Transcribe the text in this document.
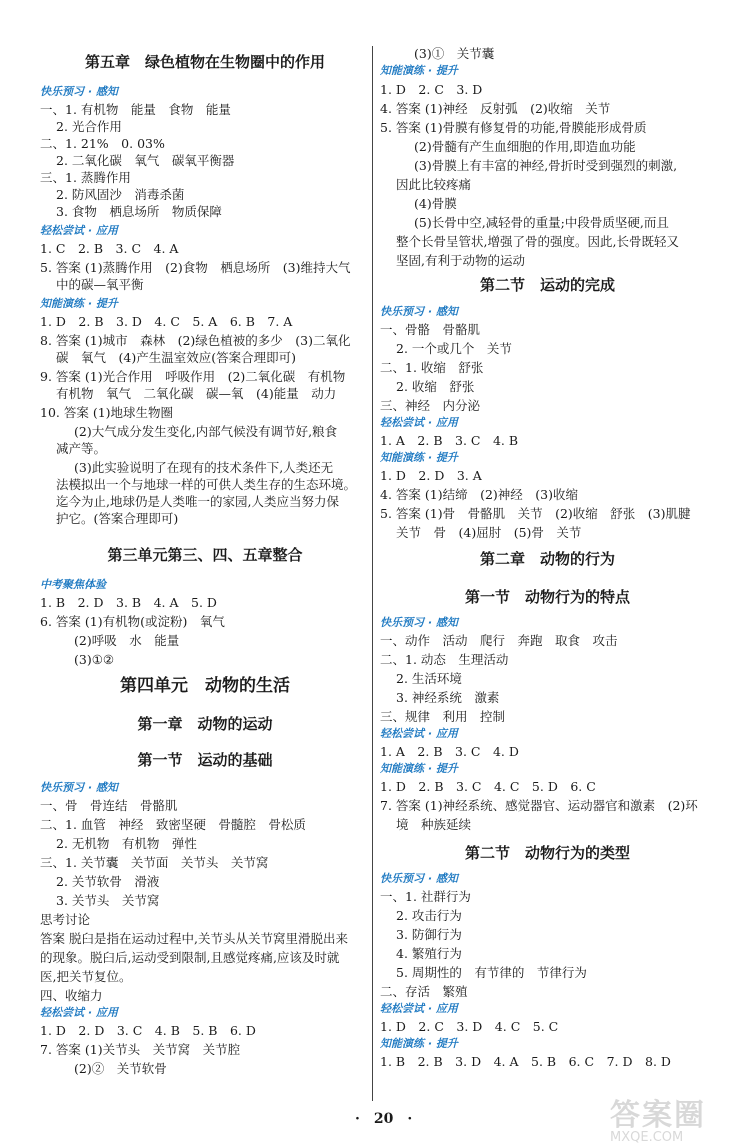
第五章　绿色植物在生物圈中的作用
快乐预习 · 感知
一、1. 有机物　能量　食物　能量
2. 光合作用
二、1. 21%　0. 03%
2. 二氧化碳　氧气　碳氧平衡器
三、1. 蒸腾作用
2. 防风固沙　消毒杀菌
3. 食物　栖息场所　物质保障
轻松尝试 · 应用
1. C　2. B　3. C　4. A
5. 答案 (1)蒸腾作用　(2)食物　栖息场所　(3)维持大气
中的碳—氧平衡
知能演练 · 提升
1. D　2. B　3. D　4. C　5. A　6. B　7. A
8. 答案 (1)城市　森林　(2)绿色植被的多少　(3)二氧化
碳　氧气　(4)产生温室效应(答案合理即可)
9. 答案 (1)光合作用　呼吸作用　(2)二氧化碳　有机物
有机物　氧气　二氧化碳　碳—氧　(4)能量　动力
10. 答案 (1)地球生物圈
(2)大气成分发生变化,内部气候没有调节好,粮食
减产等。
(3)此实验说明了在现有的技术条件下,人类还无
法模拟出一个与地球一样的可供人类生存的生态环境。
迄今为止,地球仍是人类唯一的家园,人类应当努力保
护它。(答案合理即可)
第三单元第三、四、五章整合
中考聚焦体验
1. B　2. D　3. B　4. A　5. D
6. 答案 (1)有机物(或淀粉)　氧气
(2)呼吸　水　能量
(3)①②
第四单元　动物的生活
第一章　动物的运动
第一节　运动的基础
快乐预习 · 感知
一、骨　骨连结　骨骼肌
二、1. 血管　神经　致密坚硬　骨髓腔　骨松质
2. 无机物　有机物　弹性
三、1. 关节囊　关节面　关节头　关节窝
2. 关节软骨　滑液
3. 关节头　关节窝
思考讨论
答案 脱臼是指在运动过程中,关节头从关节窝里滑脱出来
的现象。脱臼后,运动受到限制,且感觉疼痛,应该及时就
医,把关节复位。
四、收缩力
轻松尝试 · 应用
1. D　2. D　3. C　4. B　5. B　6. D
7. 答案 (1)关节头　关节窝　关节腔
(2)②　关节软骨
(3)①　关节囊
知能演练 · 提升
1. D　2. C　3. D
4. 答案 (1)神经　反射弧　(2)收缩　关节
5. 答案 (1)骨膜有修复骨的功能,骨膜能形成骨质
(2)骨髓有产生血细胞的作用,即造血功能
(3)骨膜上有丰富的神经,骨折时受到强烈的刺激,
因此比较疼痛
(4)骨膜
(5)长骨中空,减轻骨的重量;中段骨质坚硬,而且
整个长骨呈管状,增强了骨的强度。因此,长骨既轻又
坚固,有利于动物的运动
第二节　运动的完成
快乐预习 · 感知
一、骨骼　骨骼肌
2. 一个或几个　关节
二、1. 收缩　舒张
2. 收缩　舒张
三、神经　内分泌
轻松尝试 · 应用
1. A　2. B　3. C　4. B
知能演练 · 提升
1. D　2. D　3. A
4. 答案 (1)结缔　(2)神经　(3)收缩
5. 答案 (1)骨　骨骼肌　关节　(2)收缩　舒张　(3)肌腱
关节　骨　(4)屈肘　(5)骨　关节
第二章　动物的行为
第一节　动物行为的特点
快乐预习 · 感知
一、动作　活动　爬行　奔跑　取食　攻击
二、1. 动态　生理活动
2. 生活环境
3. 神经系统　激素
三、规律　利用　控制
轻松尝试 · 应用
1. A　2. B　3. C　4. D
知能演练 · 提升
1. D　2. B　3. C　4. C　5. D　6. C
7. 答案 (1)神经系统、感觉器官、运动器官和激素　(2)环
境　种族延续
第二节　动物行为的类型
快乐预习 · 感知
一、1. 社群行为
2. 攻击行为
3. 防御行为
4. 繁殖行为
5. 周期性的　有节律的　节律行为
二、存活　繁殖
轻松尝试 · 应用
1. D　2. C　3. D　4. C　5. C
知能演练 · 提升
1. B　2. B　3. D　4. A　5. B　6. C　7. D　8. D
·　20　·	答案圈
MXQE.COM
